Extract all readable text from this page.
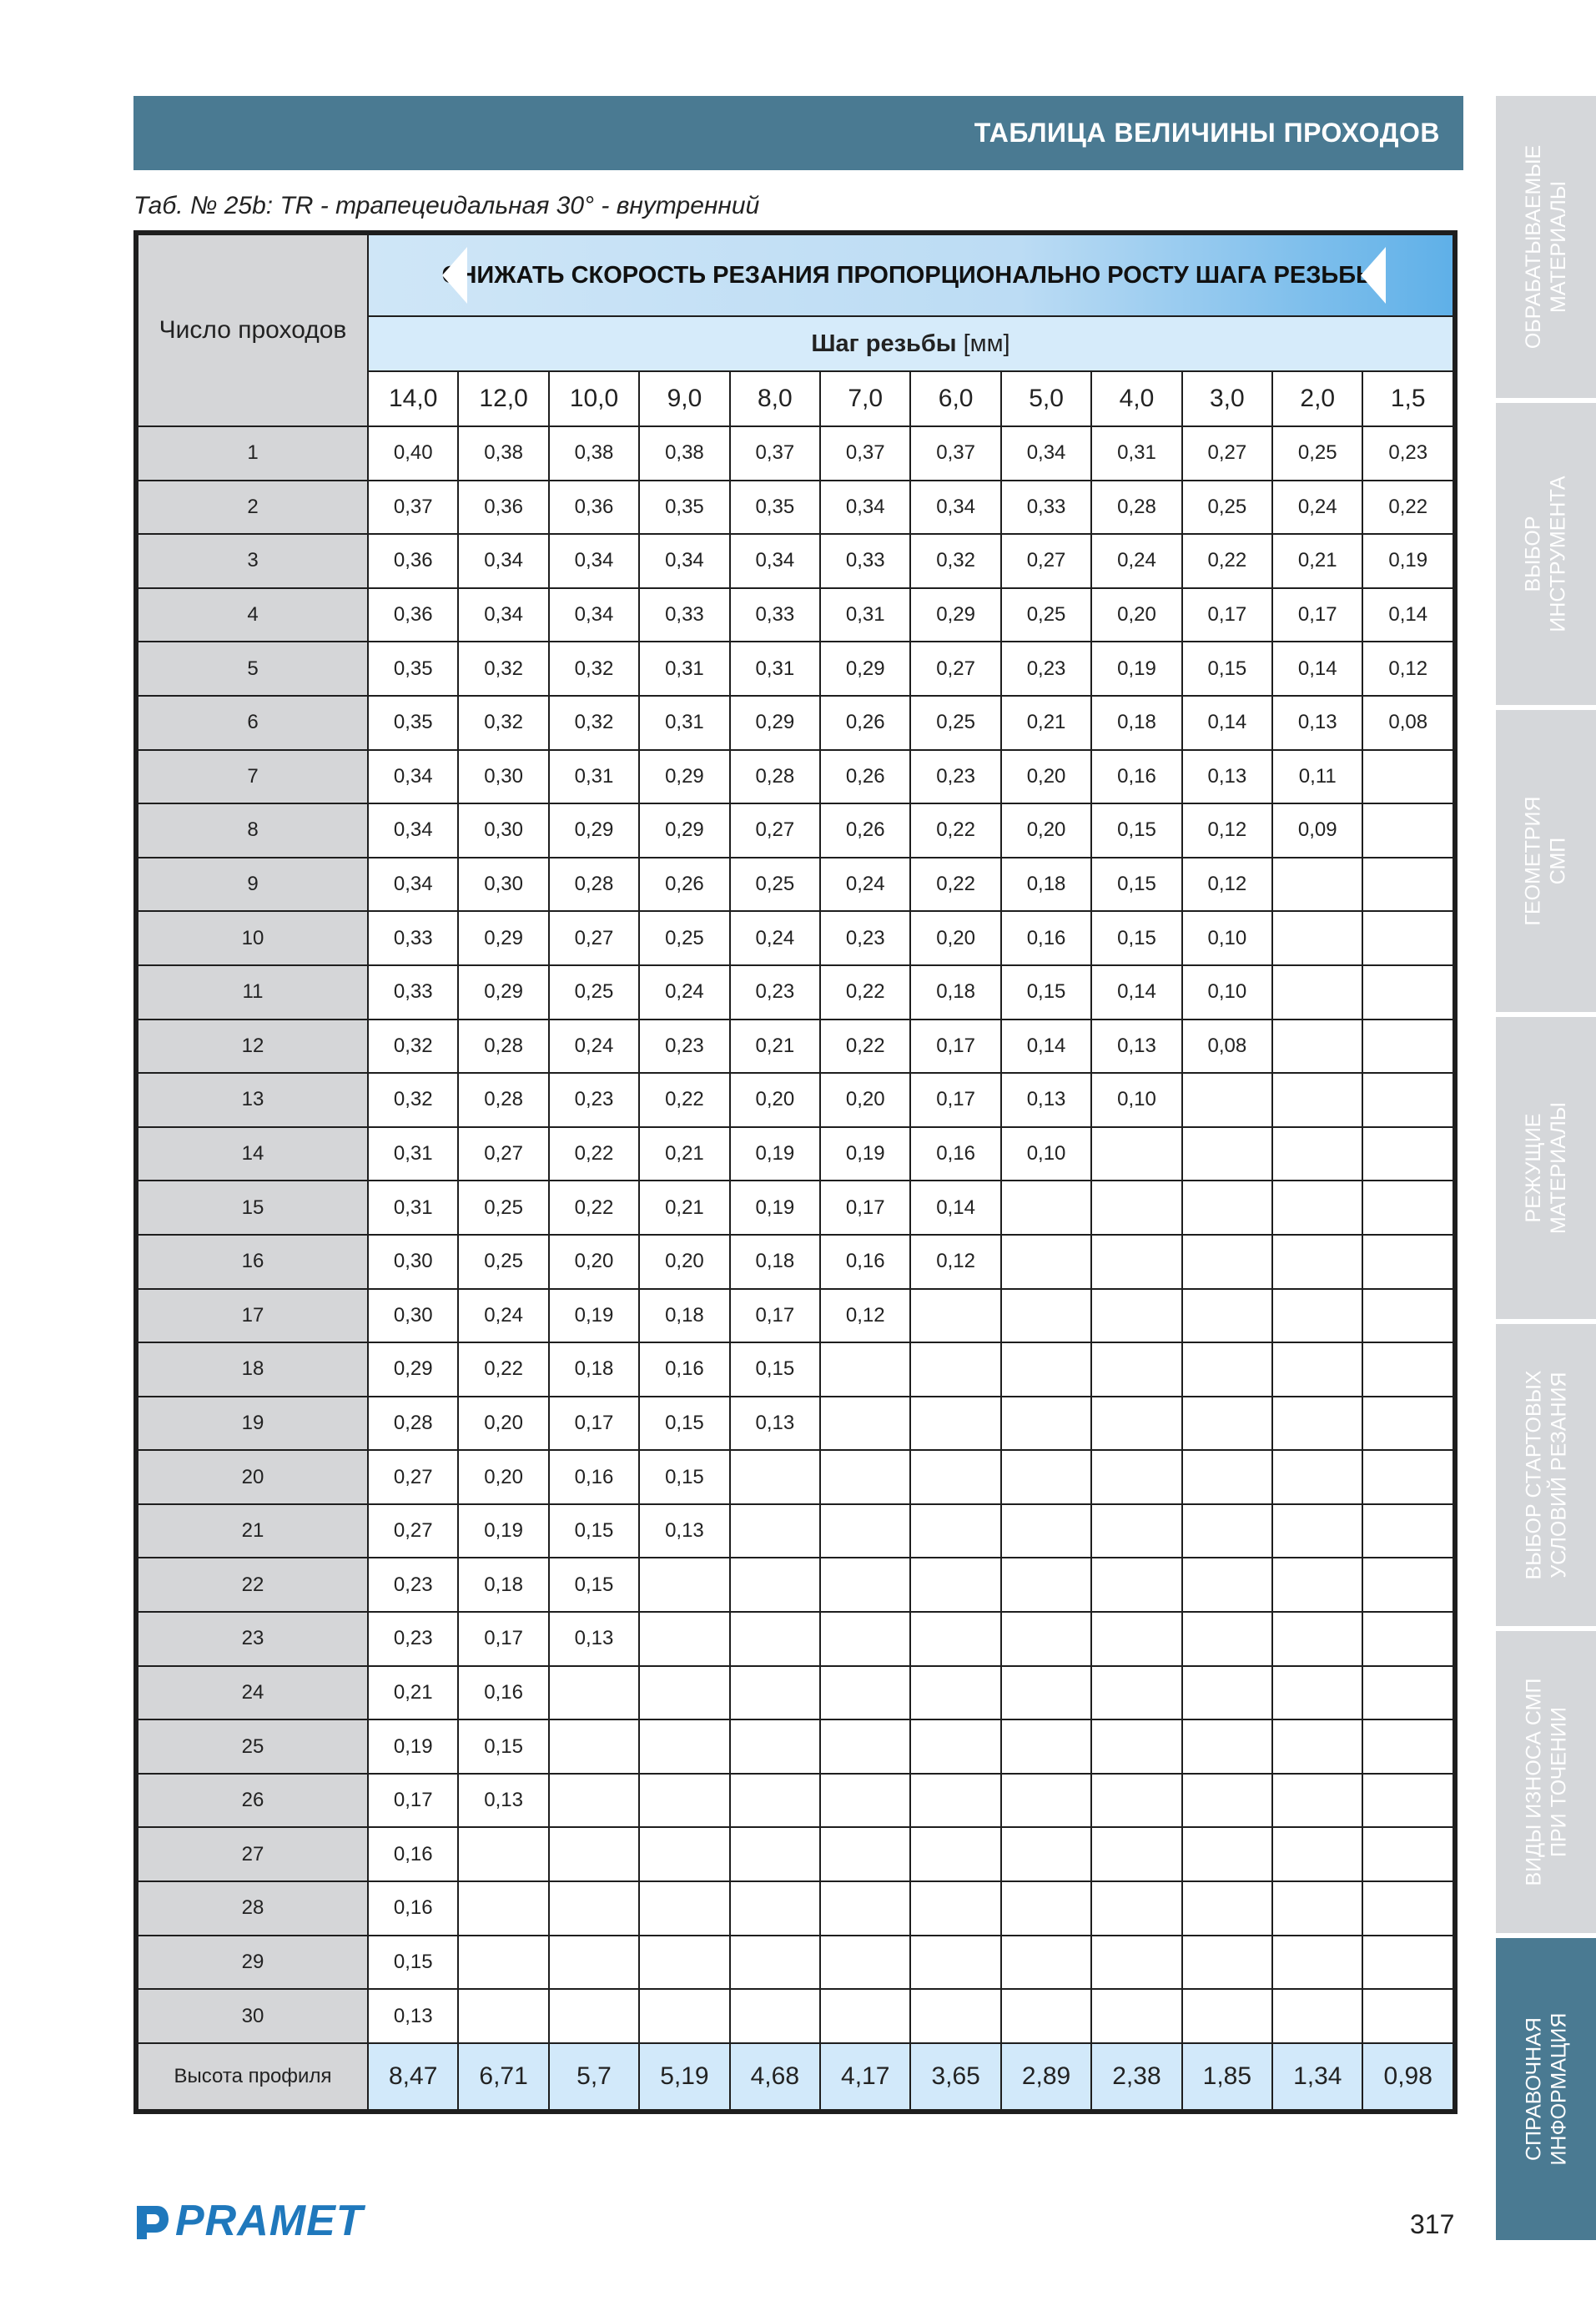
ТАБЛИЦА ВЕЛИЧИНЫ ПРОХОДОВ
Таб. № 25b: TR - трапецеидальная 30° - внутренний
Число проходов	СНИЖАТЬ СКОРОСТЬ РЕЗАНИЯ ПРОПОРЦИОНАЛЬНО РОСТУ ШАГА РЕЗЬБЫ											

	Шаг резьбы [мм]											
	14,0	12,0	10,0	9,0	8,0	7,0	6,0	5,0	4,0	3,0	2,0	1,5
1	0,40	0,38	0,38	0,38	0,37	0,37	0,37	0,34	0,31	0,27	0,25	0,23
2	0,37	0,36	0,36	0,35	0,35	0,34	0,34	0,33	0,28	0,25	0,24	0,22
3	0,36	0,34	0,34	0,34	0,34	0,33	0,32	0,27	0,24	0,22	0,21	0,19
4	0,36	0,34	0,34	0,33	0,33	0,31	0,29	0,25	0,20	0,17	0,17	0,14
5	0,35	0,32	0,32	0,31	0,31	0,29	0,27	0,23	0,19	0,15	0,14	0,12
6	0,35	0,32	0,32	0,31	0,29	0,26	0,25	0,21	0,18	0,14	0,13	0,08
7	0,34	0,30	0,31	0,29	0,28	0,26	0,23	0,20	0,16	0,13	0,11	
8	0,34	0,30	0,29	0,29	0,27	0,26	0,22	0,20	0,15	0,12	0,09	
9	0,34	0,30	0,28	0,26	0,25	0,24	0,22	0,18	0,15	0,12		
10	0,33	0,29	0,27	0,25	0,24	0,23	0,20	0,16	0,15	0,10		
11	0,33	0,29	0,25	0,24	0,23	0,22	0,18	0,15	0,14	0,10		
12	0,32	0,28	0,24	0,23	0,21	0,22	0,17	0,14	0,13	0,08		
13	0,32	0,28	0,23	0,22	0,20	0,20	0,17	0,13	0,10			
14	0,31	0,27	0,22	0,21	0,19	0,19	0,16	0,10				
15	0,31	0,25	0,22	0,21	0,19	0,17	0,14					
16	0,30	0,25	0,20	0,20	0,18	0,16	0,12					
17	0,30	0,24	0,19	0,18	0,17	0,12						
18	0,29	0,22	0,18	0,16	0,15							
19	0,28	0,20	0,17	0,15	0,13							
20	0,27	0,20	0,16	0,15								
21	0,27	0,19	0,15	0,13								
22	0,23	0,18	0,15									
23	0,23	0,17	0,13									
24	0,21	0,16										
25	0,19	0,15										
26	0,17	0,13										
27	0,16											
28	0,16											
29	0,15											
30	0,13											
Высота профиля	8,47	6,71	5,7	5,19	4,68	4,17	3,65	2,89	2,38	1,85	1,34	0,98
ОБРАБАТЫВАЕМЫЕ
МАТЕРИАЛЫ
ВЫБОР
ИНСТРУМЕНТА
ГЕОМЕТРИЯ
СМП
РЕЖУЩИЕ
МАТЕРИАЛЫ
ВЫБОР СТАРТОВЫХ
УСЛОВИЙ РЕЗАНИЯ
ВИДЫ ИЗНОСА СМП
ПРИ ТОЧЕНИИ
СПРАВОЧНАЯ
ИНФОРМАЦИЯ
PRAMET	317
